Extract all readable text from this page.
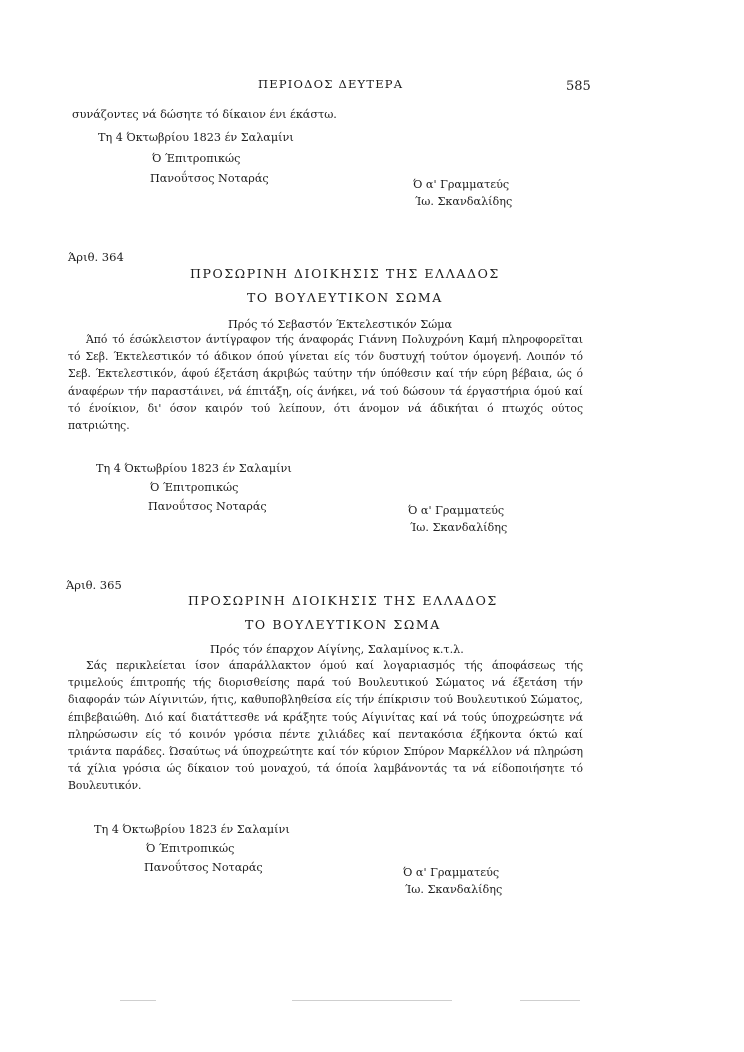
ΠΕΡΙΟΔΟΣ ΔΕΥΤΕΡΑ	585
συνάζοντες νά δώσητε τό δίκαιον ένι έκάστω.
Τη 4 Όκτωβρίου 1823 έν Σαλαμίνι
Ό Έπιτροπικώς
Πανοΰτσος Νοταράς	Ό α' Γραμματεύς
Ίω. Σκανδαλίδης
Άριθ. 364
ΠΡΟΣΩΡΙΝΗ ΔΙΟΙΚΗΣΙΣ ΤΗΣ ΕΛΛΑΔΟΣ
ΤΟ ΒΟΥΛΕΥΤΙΚΟΝ ΣΩΜΑ
Πρός τό Σεβαστόν Έκτελεστικόν Σώμα

Άπό τό έσώκλειστον άντίγραφον τής άναφοράς Γιάννη Πολυχρόνη Καμή πληροφορεϊται τό Σεβ. Έκτελεστικόν τό άδικον όπού γίνεται είς τόν δυστυχή τούτον όμογενή. Λοιπόν τό Σεβ. Έκτελεστικόν, άφού έξετάση άκριβώς ταύτην τήν ύπόθεσιν καί τήν εύρη βέβαια, ώς ό άναφέρων τήν παραστάινει, νά έπιτάξη, οίς άνήκει, νά τού δώσουν τά έργαστήρια όμού καί τό ένοίκιον, δι' όσον καιρόν τού λείπουν, ότι άνομον νά άδικήται ό πτωχός ούτος πατριώτης.

Τη 4 Όκτωβρίου 1823 έν Σαλαμίνι
Ό Έπιτροπικώς
Πανοΰτσος Νοταράς	Ό α' Γραμματεύς
Ίω. Σκανδαλίδης
Άριθ. 365
ΠΡΟΣΩΡΙΝΗ ΔΙΟΙΚΗΣΙΣ ΤΗΣ ΕΛΛΑΔΟΣ
ΤΟ ΒΟΥΛΕΥΤΙΚΟΝ ΣΩΜΑ
Πρός τόν έπαρχον Αίγίνης, Σαλαμίνος κ.τ.λ.

Σάς περικλείεται ίσον άπαράλλακτον όμού καί λογαριασμός τής άποφάσεως τής τριμελούς έπιτροπής τής διορισθείσης παρά τού Βουλευτικού Σώματος νά έξετάση τήν διαφοράν τών Αίγινιτών, ήτις, καθυποβληθείσα είς τήν έπίκρισιν τού Βουλευτικού Σώματος, έπιβεβαιώθη. Διό καί διατάττεσθε νά κράξητε τούς Αίγινίτας καί νά τούς ύποχρεώσητε νά πληρώσωσιν είς τό κοινόν γρόσια πέντε χιλιάδες καί πεντακόσια έξήκοντα όκτώ καί τριάντα παράδες. Ώσαύτως νά ύποχρεώτητε καί τόν κύριον Σπύρον Μαρκέλλον νά πληρώση τά χίλια γρόσια ώς δίκαιον τού μοναχού, τά όποία λαμβάνοντάς τα νά είδοποιήσητε τό Βουλευτικόν.

Τη 4 Όκτωβρίου 1823 έν Σαλαμίνι
Ό Έπιτροπικώς
Πανοΰτσος Νοταράς	Ό α' Γραμματεύς
Ίω. Σκανδαλίδης
